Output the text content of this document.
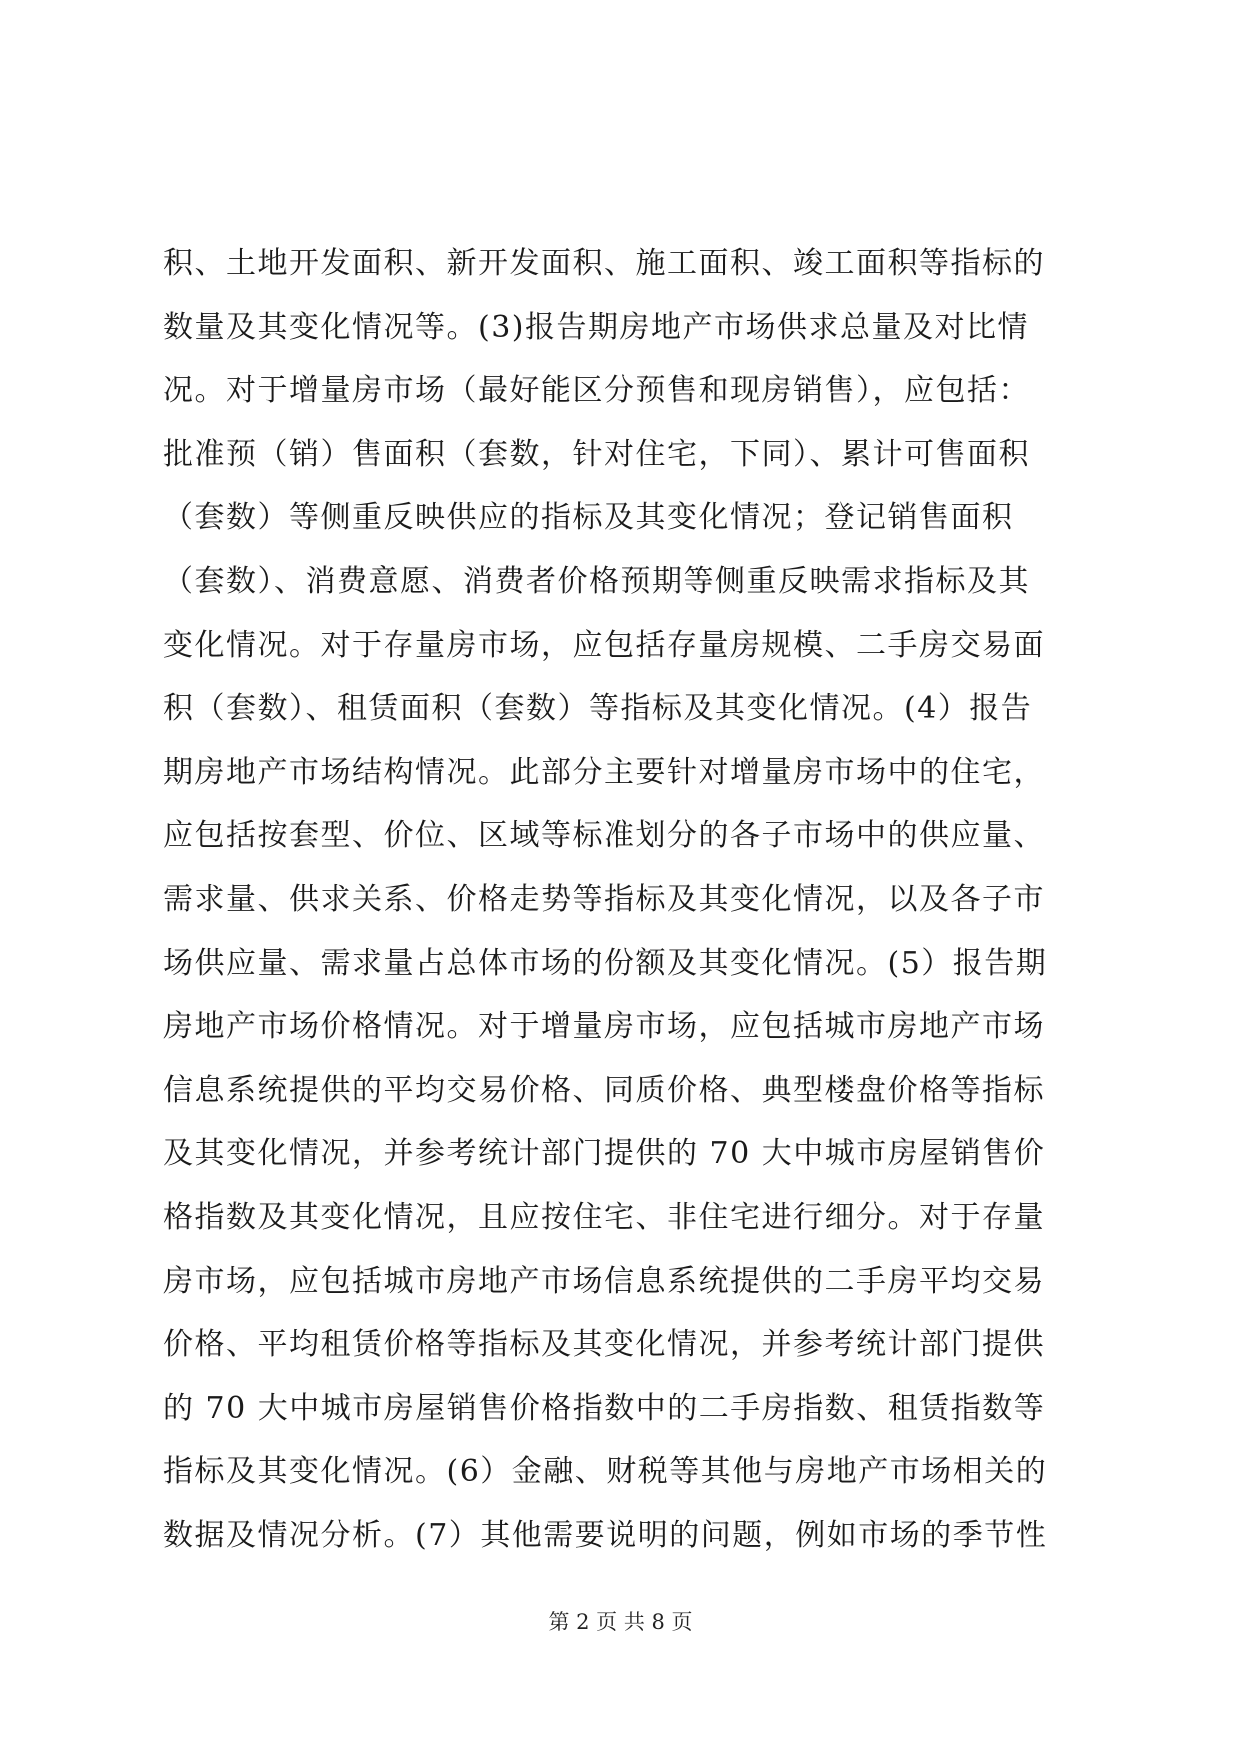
积、土地开发面积、新开发面积、施工面积、竣工面积等指标的
数量及其变化情况等。(3)报告期房地产市场供求总量及对比情
况。对于增量房市场（最好能区分预售和现房销售），应包括：
批准预（销）售面积（套数，针对住宅，下同）、累计可售面积
（套数）等侧重反映供应的指标及其变化情况；登记销售面积
（套数）、消费意愿、消费者价格预期等侧重反映需求指标及其
变化情况。对于存量房市场，应包括存量房规模、二手房交易面
积（套数）、租赁面积（套数）等指标及其变化情况。(4）报告
期房地产市场结构情况。此部分主要针对增量房市场中的住宅，
应包括按套型、价位、区域等标准划分的各子市场中的供应量、
需求量、供求关系、价格走势等指标及其变化情况，以及各子市
场供应量、需求量占总体市场的份额及其变化情况。(5）报告期
房地产市场价格情况。对于增量房市场，应包括城市房地产市场
信息系统提供的平均交易价格、同质价格、典型楼盘价格等指标
及其变化情况，并参考统计部门提供的 70 大中城市房屋销售价
格指数及其变化情况，且应按住宅、非住宅进行细分。对于存量
房市场，应包括城市房地产市场信息系统提供的二手房平均交易
价格、平均租赁价格等指标及其变化情况，并参考统计部门提供
的 70 大中城市房屋销售价格指数中的二手房指数、租赁指数等
指标及其变化情况。(6）金融、财税等其他与房地产市场相关的
数据及情况分析。(7）其他需要说明的问题，例如市场的季节性
第 2 页 共 8 页
